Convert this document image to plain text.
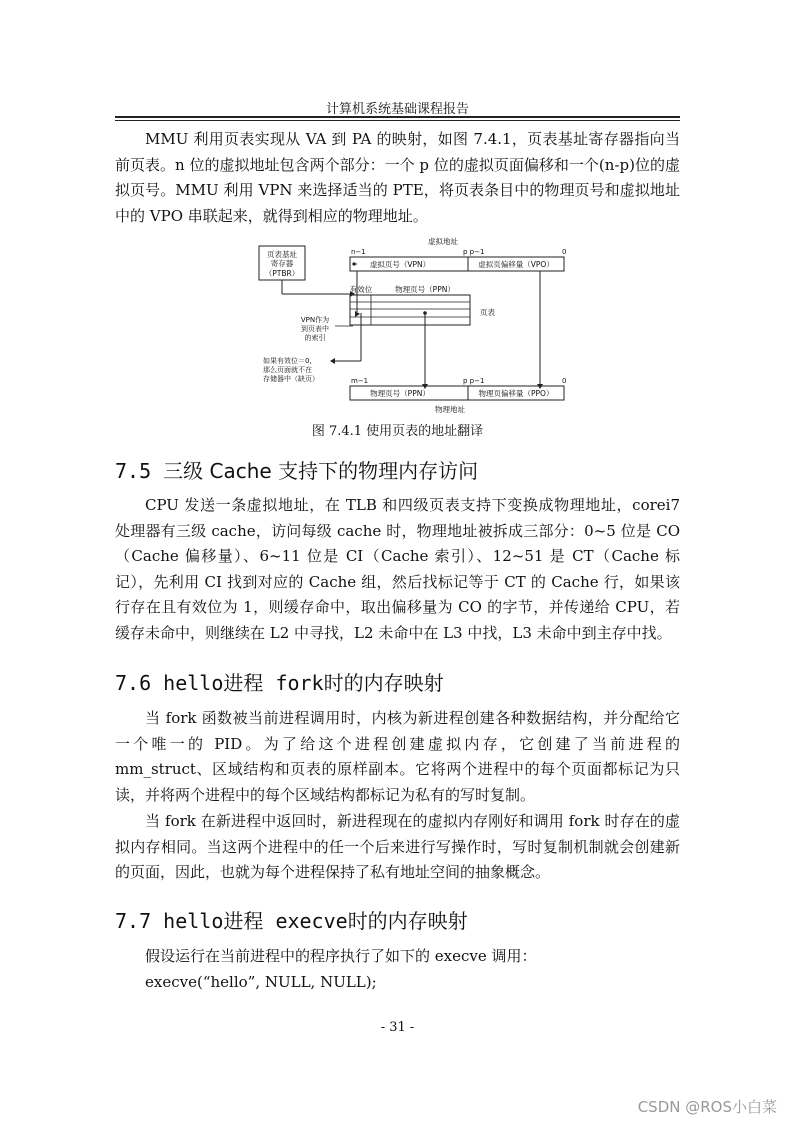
计算机系统基础课程报告

MMU 利用页表实现从 VA 到 PA 的映射，如图 7.4.1，页表基址寄存器指向当前页表。n 位的虚拟地址包含两个部分：一个 p 位的虚拟页面偏移和一个(n-p)位的虚拟页号。MMU 利用 VPN 来选择适当的 PTE，将页表条目中的物理页号和虚拟地址中的 VPO 串联起来，就得到相应的物理地址。

页表基址
寄存器
（PTBR）
虚拟地址
n−1	p p−1	0
虚拟页号（VPN）	虚拟页偏移量（VPO）
有效位	物理页号（PPN）
页表
VPN作为
到页表中
的索引
如果有效位＝0,
那么页面就不在
存储器中（缺页）	m−1	p p−1	0
物理页号（PPN）	物理页偏移量（PPO）
物理地址
图 7.4.1 使用页表的地址翻译
7.5 三级 Cache 支持下的物理内存访问

CPU 发送一条虚拟地址，在 TLB 和四级页表支持下变换成物理地址，corei7 处理器有三级 cache，访问每级 cache 时，物理地址被拆成三部分：0~5 位是 CO（Cache 偏移量）、6~11 位是 CI（Cache 索引）、12~51 是 CT（Cache 标记），先利用 CI 找到对应的 Cache 组，然后找标记等于 CT 的 Cache 行，如果该行存在且有效位为 1，则缓存命中，取出偏移量为 CO 的字节，并传递给 CPU，若缓存未命中，则继续在 L2 中寻找，L2 未命中在 L3 中找，L3 未命中到主存中找。

7.6 hello进程 fork时的内存映射

当 fork 函数被当前进程调用时，内核为新进程创建各种数据结构，并分配给它一个唯一的 PID。为了给这个进程创建虚拟内存，它创建了当前进程的 mm_struct、区域结构和页表的原样副本。它将两个进程中的每个页面都标记为只读，并将两个进程中的每个区域结构都标记为私有的写时复制。

当 fork 在新进程中返回时，新进程现在的虚拟内存刚好和调用 fork 时存在的虚拟内存相同。当这两个进程中的任一个后来进行写操作时，写时复制机制就会创建新的页面，因此，也就为每个进程保持了私有地址空间的抽象概念。

7.7 hello进程 execve时的内存映射

假设运行在当前进程中的程序执行了如下的 execve 调用：

execve(“hello”, NULL, NULL);

- 31 -
CSDN @ROS小白菜
